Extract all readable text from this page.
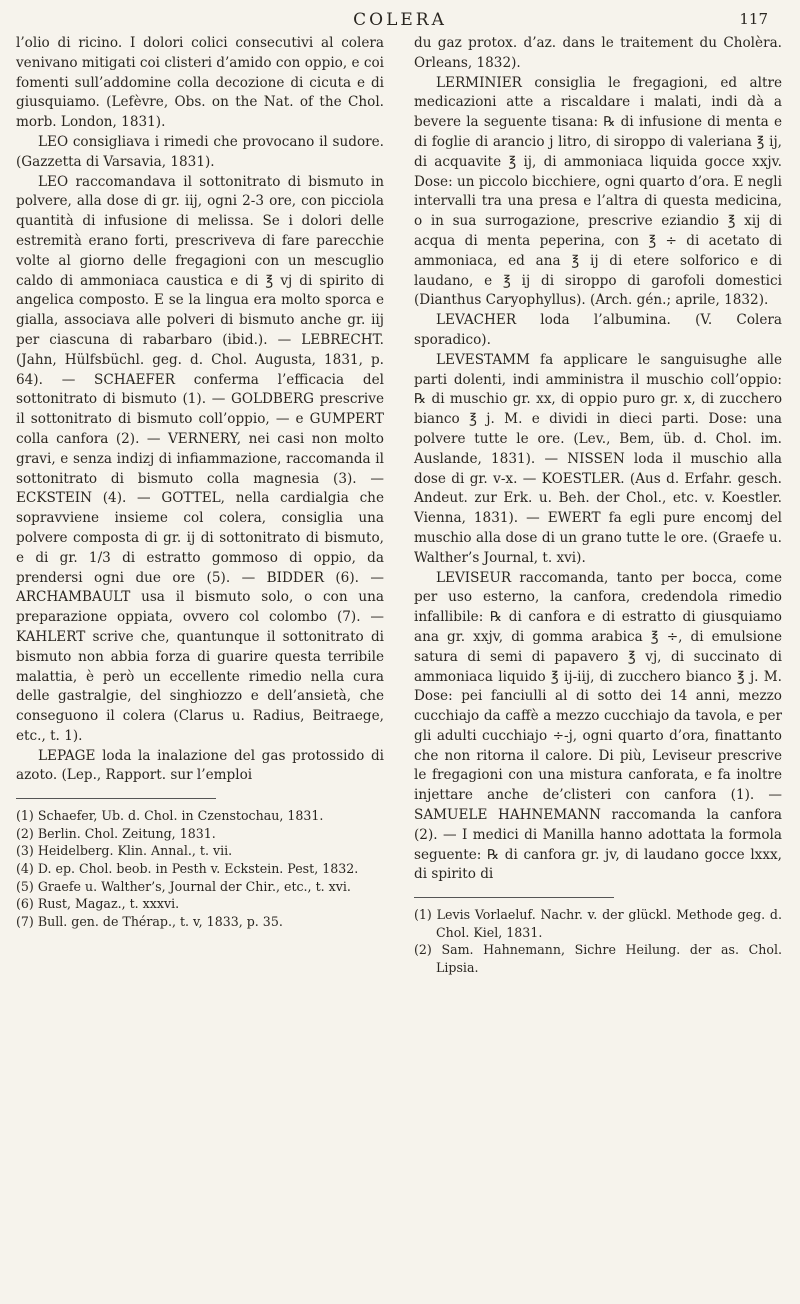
COLERA	117

l’olio di ricino. I dolori colici consecutivi al colera venivano mitigati coi clisteri d’amido con oppio, e coi fomenti sull’addomine colla decozione di cicuta e di giusquiamo. (Lefèvre, Obs. on the Nat. of the Chol. morb. London, 1831).

LEO consigliava i rimedi che provocano il sudore. (Gazzetta di Varsavia, 1831).

LEO raccomandava il sottonitrato di bismuto in polvere, alla dose di gr. iij, ogni 2-3 ore, con picciola quantità di infusione di melissa. Se i dolori delle estremità erano forti, prescriveva di fare parecchie volte al giorno delle fregagioni con un mescuglio caldo di ammoniaca caustica e di ℥ vj di spirito di angelica composto. E se la lingua era molto sporca e gialla, associava alle polveri di bismuto anche gr. iij per ciascuna di rabarbaro (ibid.). — LEBRECHT. (Jahn, Hülfsbüchl. geg. d. Chol. Augusta, 1831, p. 64). — SCHAEFER conferma l’efficacia del sottonitrato di bismuto (1). — GOLDBERG prescrive il sottonitrato di bismuto coll’oppio, — e GUMPERT colla canfora (2). — VERNERY, nei casi non molto gravi, e senza indizj di infiammazione, raccomanda il sottonitrato di bismuto colla magnesia (3). — ECKSTEIN (4). — GOTTEL, nella cardialgia che sopravviene insieme col colera, consiglia una polvere composta di gr. ij di sottonitrato di bismuto, e di gr. 1/3 di estratto gommoso di oppio, da prendersi ogni due ore (5). — BIDDER (6). — ARCHAMBAULT usa il bismuto solo, o con una preparazione oppiata, ovvero col colombo (7). — KAHLERT scrive che, quantunque il sottonitrato di bismuto non abbia forza di guarire questa terribile malattia, è però un eccellente rimedio nella cura delle gastralgie, del singhiozzo e dell’ansietà, che conseguono il colera (Clarus u. Radius, Beitraege, etc., t. 1).

LEPAGE loda la inalazione del gas protossido di azoto. (Lep., Rapport. sur l’emploi

(1) Schaefer, Ub. d. Chol. in Czenstochau, 1831.
(2) Berlin. Chol. Zeitung, 1831.
(3) Heidelberg. Klin. Annal., t. vii.
(4) D. ep. Chol. beob. in Pesth v. Eckstein. Pest, 1832.
(5) Graefe u. Walther’s, Journal der Chir., etc., t. xvi.
(6) Rust, Magaz., t. xxxvi.
(7) Bull. gen. de Thérap., t. v, 1833, p. 35.

du gaz protox. d’az. dans le traitement du Cholèra. Orleans, 1832).

LERMINIER consiglia le fregagioni, ed altre medicazioni atte a riscaldare i malati, indi dà a bevere la seguente tisana: ℞ di infusione di menta e di foglie di arancio j litro, di siroppo di valeriana ℥ ij, di acquavite ℥ ij, di ammoniaca liquida gocce xxjv. Dose: un piccolo bicchiere, ogni quarto d’ora. E negli intervalli tra una presa e l’altra di questa medicina, o in sua surrogazione, prescrive eziandio ℥ xij di acqua di menta peperina, con ℥ ÷ di acetato di ammoniaca, ed ana ℥ ij di etere solforico e di laudano, e ℥ ij di siroppo di garofoli domestici (Dianthus Caryophyllus). (Arch. gén.; aprile, 1832).

LEVACHER loda l’albumina. (V. Colera sporadico).

LEVESTAMM fa applicare le sanguisughe alle parti dolenti, indi amministra il muschio coll’oppio: ℞ di muschio gr. xx, di oppio puro gr. x, di zucchero bianco ℥ j. M. e dividi in dieci parti. Dose: una polvere tutte le ore. (Lev., Bem, üb. d. Chol. im. Auslande, 1831). — NISSEN loda il muschio alla dose di gr. v-x. — KOESTLER. (Aus d. Erfahr. gesch. Andeut. zur Erk. u. Beh. der Chol., etc. v. Koestler. Vienna, 1831). — EWERT fa egli pure encomj del muschio alla dose di un grano tutte le ore. (Graefe u. Walther’s Journal, t. xvi).

LEVISEUR raccomanda, tanto per bocca, come per uso esterno, la canfora, credendola rimedio infallibile: ℞ di canfora e di estratto di giusquiamo ana gr. xxjv, di gomma arabica ℥ ÷, di emulsione satura di semi di papavero ℥ vj, di succinato di ammoniaca liquido ℥ ij-iij, di zucchero bianco ℥ j. M. Dose: pei fanciulli al di sotto dei 14 anni, mezzo cucchiajo da caffè a mezzo cucchiajo da tavola, e per gli adulti cucchiajo ÷-j, ogni quarto d’ora, finattanto che non ritorna il calore. Di più, Leviseur prescrive le fregagioni con una mistura canforata, e fa inoltre injettare anche de’clisteri con canfora (1). — SAMUELE HAHNEMANN raccomanda la canfora (2). — I medici di Manilla hanno adottata la formola seguente: ℞ di canfora gr. jv, di laudano gocce lxxx, di spirito di

(1) Levis Vorlaeluf. Nachr. v. der glückl. Methode geg. d. Chol. Kiel, 1831.
(2) Sam. Hahnemann, Sichre Heilung. der as. Chol. Lipsia.
